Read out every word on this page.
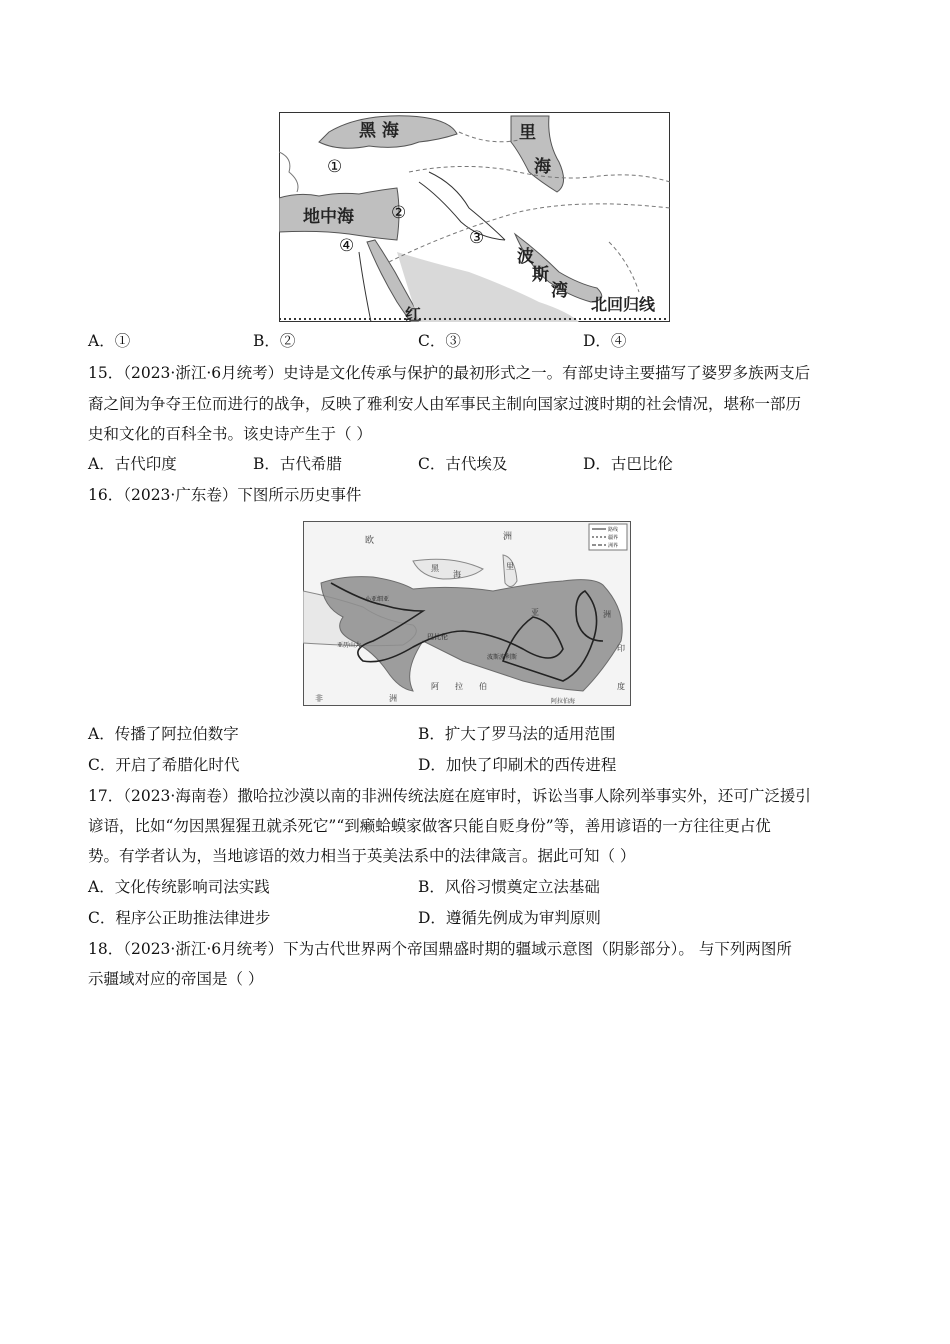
黑 海	里
海
地中海
波
斯
湾
北回归线
红
①
②
③
④
A．①	B．②	C．③	D．④
15．（2023·浙江·6月统考）史诗是文化传承与保护的最初形式之一。有部史诗主要描写了婆罗多族两支后
裔之间为争夺王位而进行的战争，反映了雅利安人由军事民主制向国家过渡时期的社会情况，堪称一部历
史和文化的百科全书。该史诗产生于（ ）
A．古代印度	B．古代希腊	C．古代埃及	D．古巴比伦
16．（2023·广东卷）下图所示历史事件
路线
疆界
洲界
欧	洲
黑
海
里
亚	洲
印
度
非	洲
阿 拉 伯
阿拉伯海
巴比伦
亚历山大
波斯波利斯
小亚细亚
A．传播了阿拉伯数字	B．扩大了罗马法的适用范围
C．开启了希腊化时代	D．加快了印刷术的西传进程
17．（2023·海南卷）撒哈拉沙漠以南的非洲传统法庭在庭审时，诉讼当事人除列举事实外，还可广泛援引
谚语，比如“勿因黑猩猩丑就杀死它”“到癞蛤蟆家做客只能自贬身份”等，善用谚语的一方往往更占优
势。有学者认为，当地谚语的效力相当于英美法系中的法律箴言。据此可知（ ）
A．文化传统影响司法实践	B．风俗习惯奠定立法基础
C．程序公正助推法律进步	D．遵循先例成为审判原则
18．（2023·浙江·6月统考）下为古代世界两个帝国鼎盛时期的疆域示意图（阴影部分）。 与下列两图所
示疆域对应的帝国是（ ）
